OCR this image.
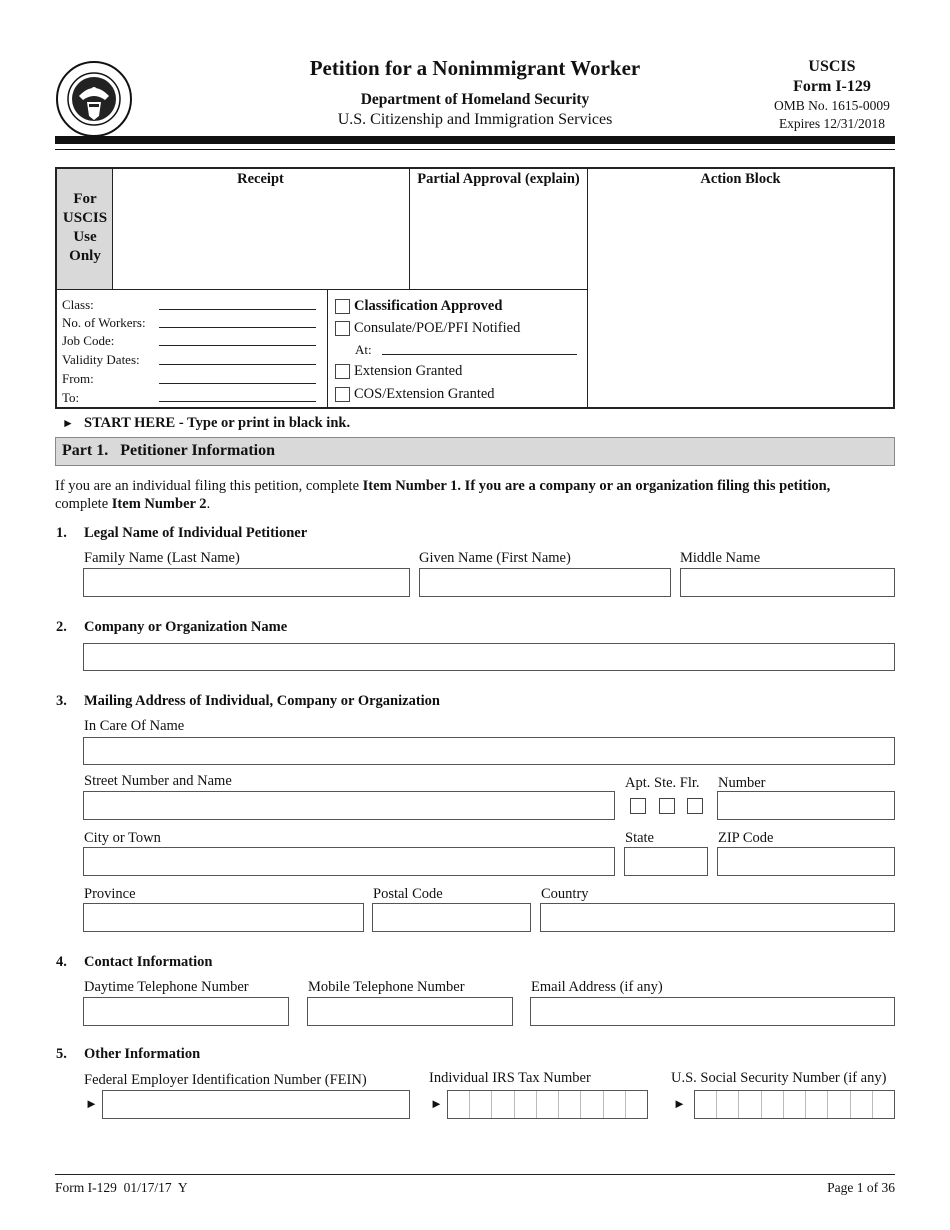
Petition for a Nonimmigrant Worker
Department of Homeland Security
U.S. Citizenship and Immigration Services
USCIS
Form I-129
OMB No. 1615-0009
Expires 12/31/2018
For USCIS Use Only
Receipt	Partial Approval (explain)	Action Block
Class:
No. of Workers:
Job Code:
Validity Dates:
From:
To:
Classification Approved
Consulate/POE/PFI Notified
At:
Extension Granted
COS/Extension Granted
► START HERE - Type or print in black ink.
Part 1.   Petitioner Information
If you are an individual filing this petition, complete Item Number 1. If you are a company or an organization filing this petition,
complete Item Number 2.
1. Legal Name of Individual Petitioner
Family Name (Last Name)	Given Name (First Name)	Middle Name
2. Company or Organization Name
3. Mailing Address of Individual, Company or Organization
In Care Of Name
Street Number and Name	Apt. Ste. Flr. Number
City or Town	State	ZIP Code
Province	Postal Code	Country
4. Contact Information
Daytime Telephone Number	Mobile Telephone Number	Email Address (if any)
5. Other Information
Federal Employer Identification Number (FEIN)	Individual IRS Tax Number	U.S. Social Security Number (if any)
►	►	►
Form I-129  01/17/17  Y	Page 1 of 36
